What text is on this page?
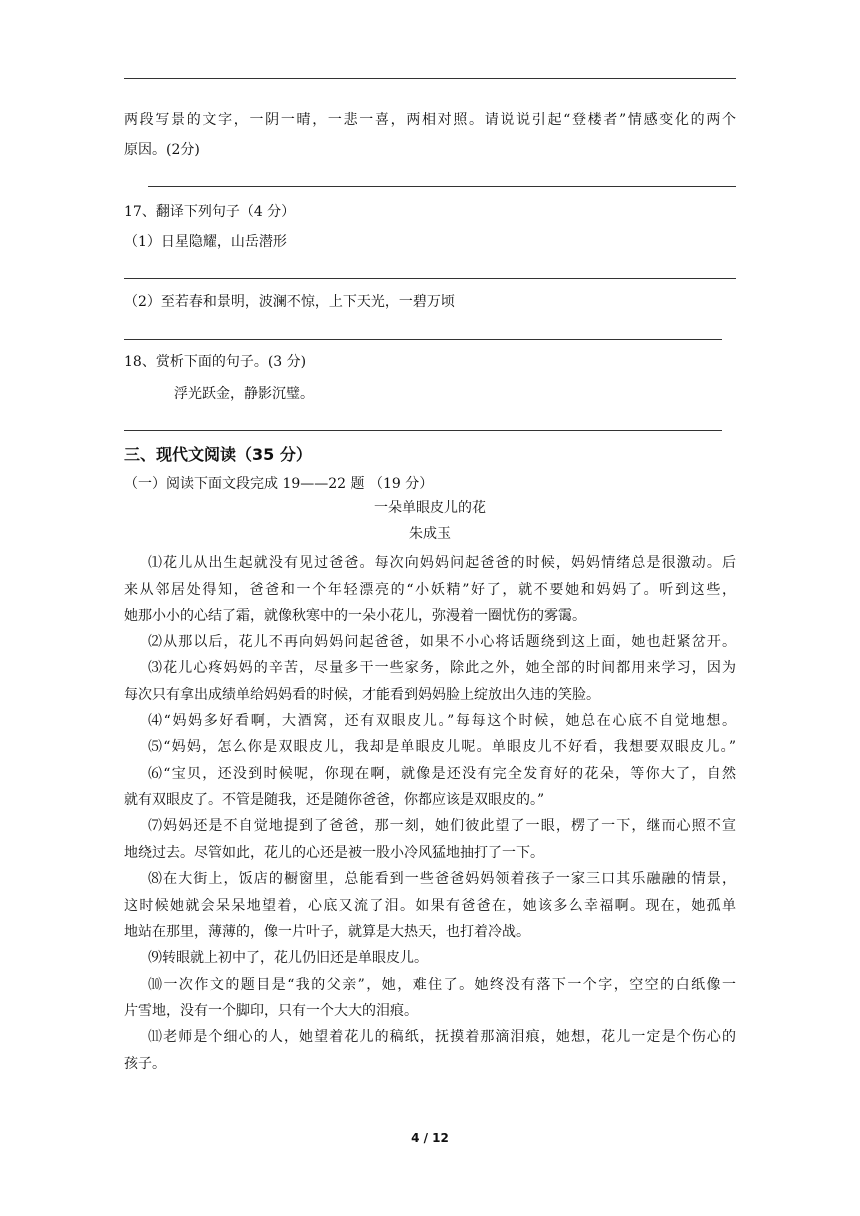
两段写景的文字，一阴一晴，一悲一喜，两相对照。请说说引起“登楼者”情感变化的两个
原因。(2分)
17、翻译下列句子（4 分）
（1）日星隐耀，山岳潜形
（2）至若春和景明，波澜不惊，上下天光，一碧万顷
18、赏析下面的句子。(3 分)
浮光跃金，静影沉璧。
三、现代文阅读（35 分）
（一）阅读下面文段完成 19——22 题 （19 分）
一朵单眼皮儿的花
朱成玉
⑴花儿从出生起就没有见过爸爸。每次向妈妈问起爸爸的时候，妈妈情绪总是很激动。后
来从邻居处得知，爸爸和一个年轻漂亮的“小妖精”好了，就不要她和妈妈了。听到这些，
她那小小的心结了霜，就像秋寒中的一朵小花儿，弥漫着一圈忧伤的雾霭。
⑵从那以后，花儿不再向妈妈问起爸爸，如果不小心将话题绕到这上面，她也赶紧岔开。
⑶花儿心疼妈妈的辛苦，尽量多干一些家务，除此之外，她全部的时间都用来学习，因为
每次只有拿出成绩单给妈妈看的时候，才能看到妈妈脸上绽放出久违的笑脸。
⑷“妈妈多好看啊，大酒窝，还有双眼皮儿。”每每这个时候，她总在心底不自觉地想。
⑸“妈妈，怎么你是双眼皮儿，我却是单眼皮儿呢。单眼皮儿不好看，我想要双眼皮儿。”
⑹“宝贝，还没到时候呢，你现在啊，就像是还没有完全发育好的花朵，等你大了，自然
就有双眼皮了。不管是随我，还是随你爸爸，你都应该是双眼皮的。”
⑺妈妈还是不自觉地提到了爸爸，那一刻，她们彼此望了一眼，楞了一下，继而心照不宣
地绕过去。尽管如此，花儿的心还是被一股小冷风猛地抽打了一下。
⑻在大街上，饭店的橱窗里，总能看到一些爸爸妈妈领着孩子一家三口其乐融融的情景，
这时候她就会呆呆地望着，心底又流了泪。如果有爸爸在，她该多么幸福啊。现在，她孤单
地站在那里，薄薄的，像一片叶子，就算是大热天，也打着冷战。
⑼转眼就上初中了，花儿仍旧还是单眼皮儿。
⑽一次作文的题目是“我的父亲”，她，难住了。她终没有落下一个字，空空的白纸像一
片雪地，没有一个脚印，只有一个大大的泪痕。
⑾老师是个细心的人，她望着花儿的稿纸，抚摸着那滴泪痕，她想，花儿一定是个伤心的
孩子。
4 / 12
